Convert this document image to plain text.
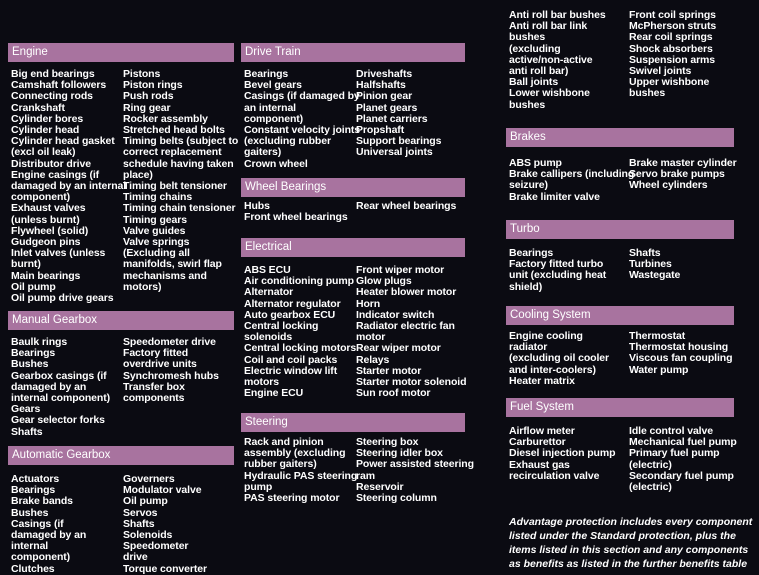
Engine
Big end bearings
Camshaft followers
Connecting rods
Crankshaft
Cylinder bores
Cylinder head
Cylinder head gasket
(excl oil leak)
Distributor drive
Engine casings (if
damaged by an internal
component)
Exhaust valves
(unless burnt)
Flywheel (solid)
Gudgeon pins
Inlet valves (unless
burnt)
Main bearings
Oil pump
Oil pump drive gears
Pistons
Piston rings
Push rods
Ring gear
Rocker assembly
Stretched head bolts
Timing belts (subject to
correct replacement
schedule having taken
place)
Timing belt tensioner
Timing chains
Timing chain tensioner
Timing gears
Valve guides
Valve springs
(Excluding all
manifolds, swirl flap
mechanisms and
motors)
Manual Gearbox
Baulk rings
Bearings
Bushes
Gearbox casings (if
damaged by an
internal component)
Gears
Gear selector forks
Shafts
Speedometer drive
Factory fitted
overdrive units
Synchromesh hubs
Transfer box
components
Automatic Gearbox
Actuators
Bearings
Brake bands
Bushes
Casings (if
damaged by an
internal
component)
Clutches
Governers
Modulator valve
Oil pump
Servos
Shafts
Solenoids
Speedometer
drive
Torque converter
Drive Train
Bearings
Bevel gears
Casings (if damaged by
an internal
component)
Constant velocity joints
(excluding rubber
gaiters)
Crown wheel
Driveshafts
Halfshafts
Pinion gear
Planet gears
Planet carriers
Propshaft
Support bearings
Universal joints
Wheel Bearings
Hubs
Front wheel bearings
Rear wheel bearings
Electrical
ABS ECU
Air conditioning pump
Alternator
Alternator regulator
Auto gearbox ECU
Central locking
solenoids
Central locking motors
Coil and coil packs
Electric window lift
motors
Engine ECU
Front wiper motor
Glow plugs
Heater blower motor
Horn
Indicator switch
Radiator electric fan
motor
Rear wiper motor
Relays
Starter motor
Starter motor solenoid
Sun roof motor
Steering
Rack and pinion
assembly (excluding
rubber gaiters)
Hydraulic PAS steering
pump
PAS steering motor
Steering box
Steering idler box
Power assisted steering
ram
Reservoir
Steering column
Anti roll bar bushes
Anti roll bar link
bushes
(excluding
active/non-active
anti roll bar)
Ball joints
Lower wishbone
bushes
Front coil springs
McPherson struts
Rear coil springs
Shock absorbers
Suspension arms
Swivel joints
Upper wishbone
bushes
Brakes
ABS pump
Brake callipers (including
seizure)
Brake limiter valve
Brake master cylinder
Servo brake pumps
Wheel cylinders
Turbo
Bearings
Factory fitted turbo
unit (excluding heat
shield)
Shafts
Turbines
Wastegate
Cooling System
Engine cooling
radiator
(excluding oil cooler
and inter-coolers)
Heater matrix
Thermostat
Thermostat housing
Viscous fan coupling
Water pump
Fuel System
Airflow meter
Carburettor
Diesel injection pump
Exhaust gas
recirculation valve
Idle control valve
Mechanical fuel pump
Primary fuel pump
(electric)
Secondary fuel pump
(electric)
Advantage protection includes every component
listed under the Standard protection, plus the
items listed in this section and any components
as benefits as listed in the further benefits table
